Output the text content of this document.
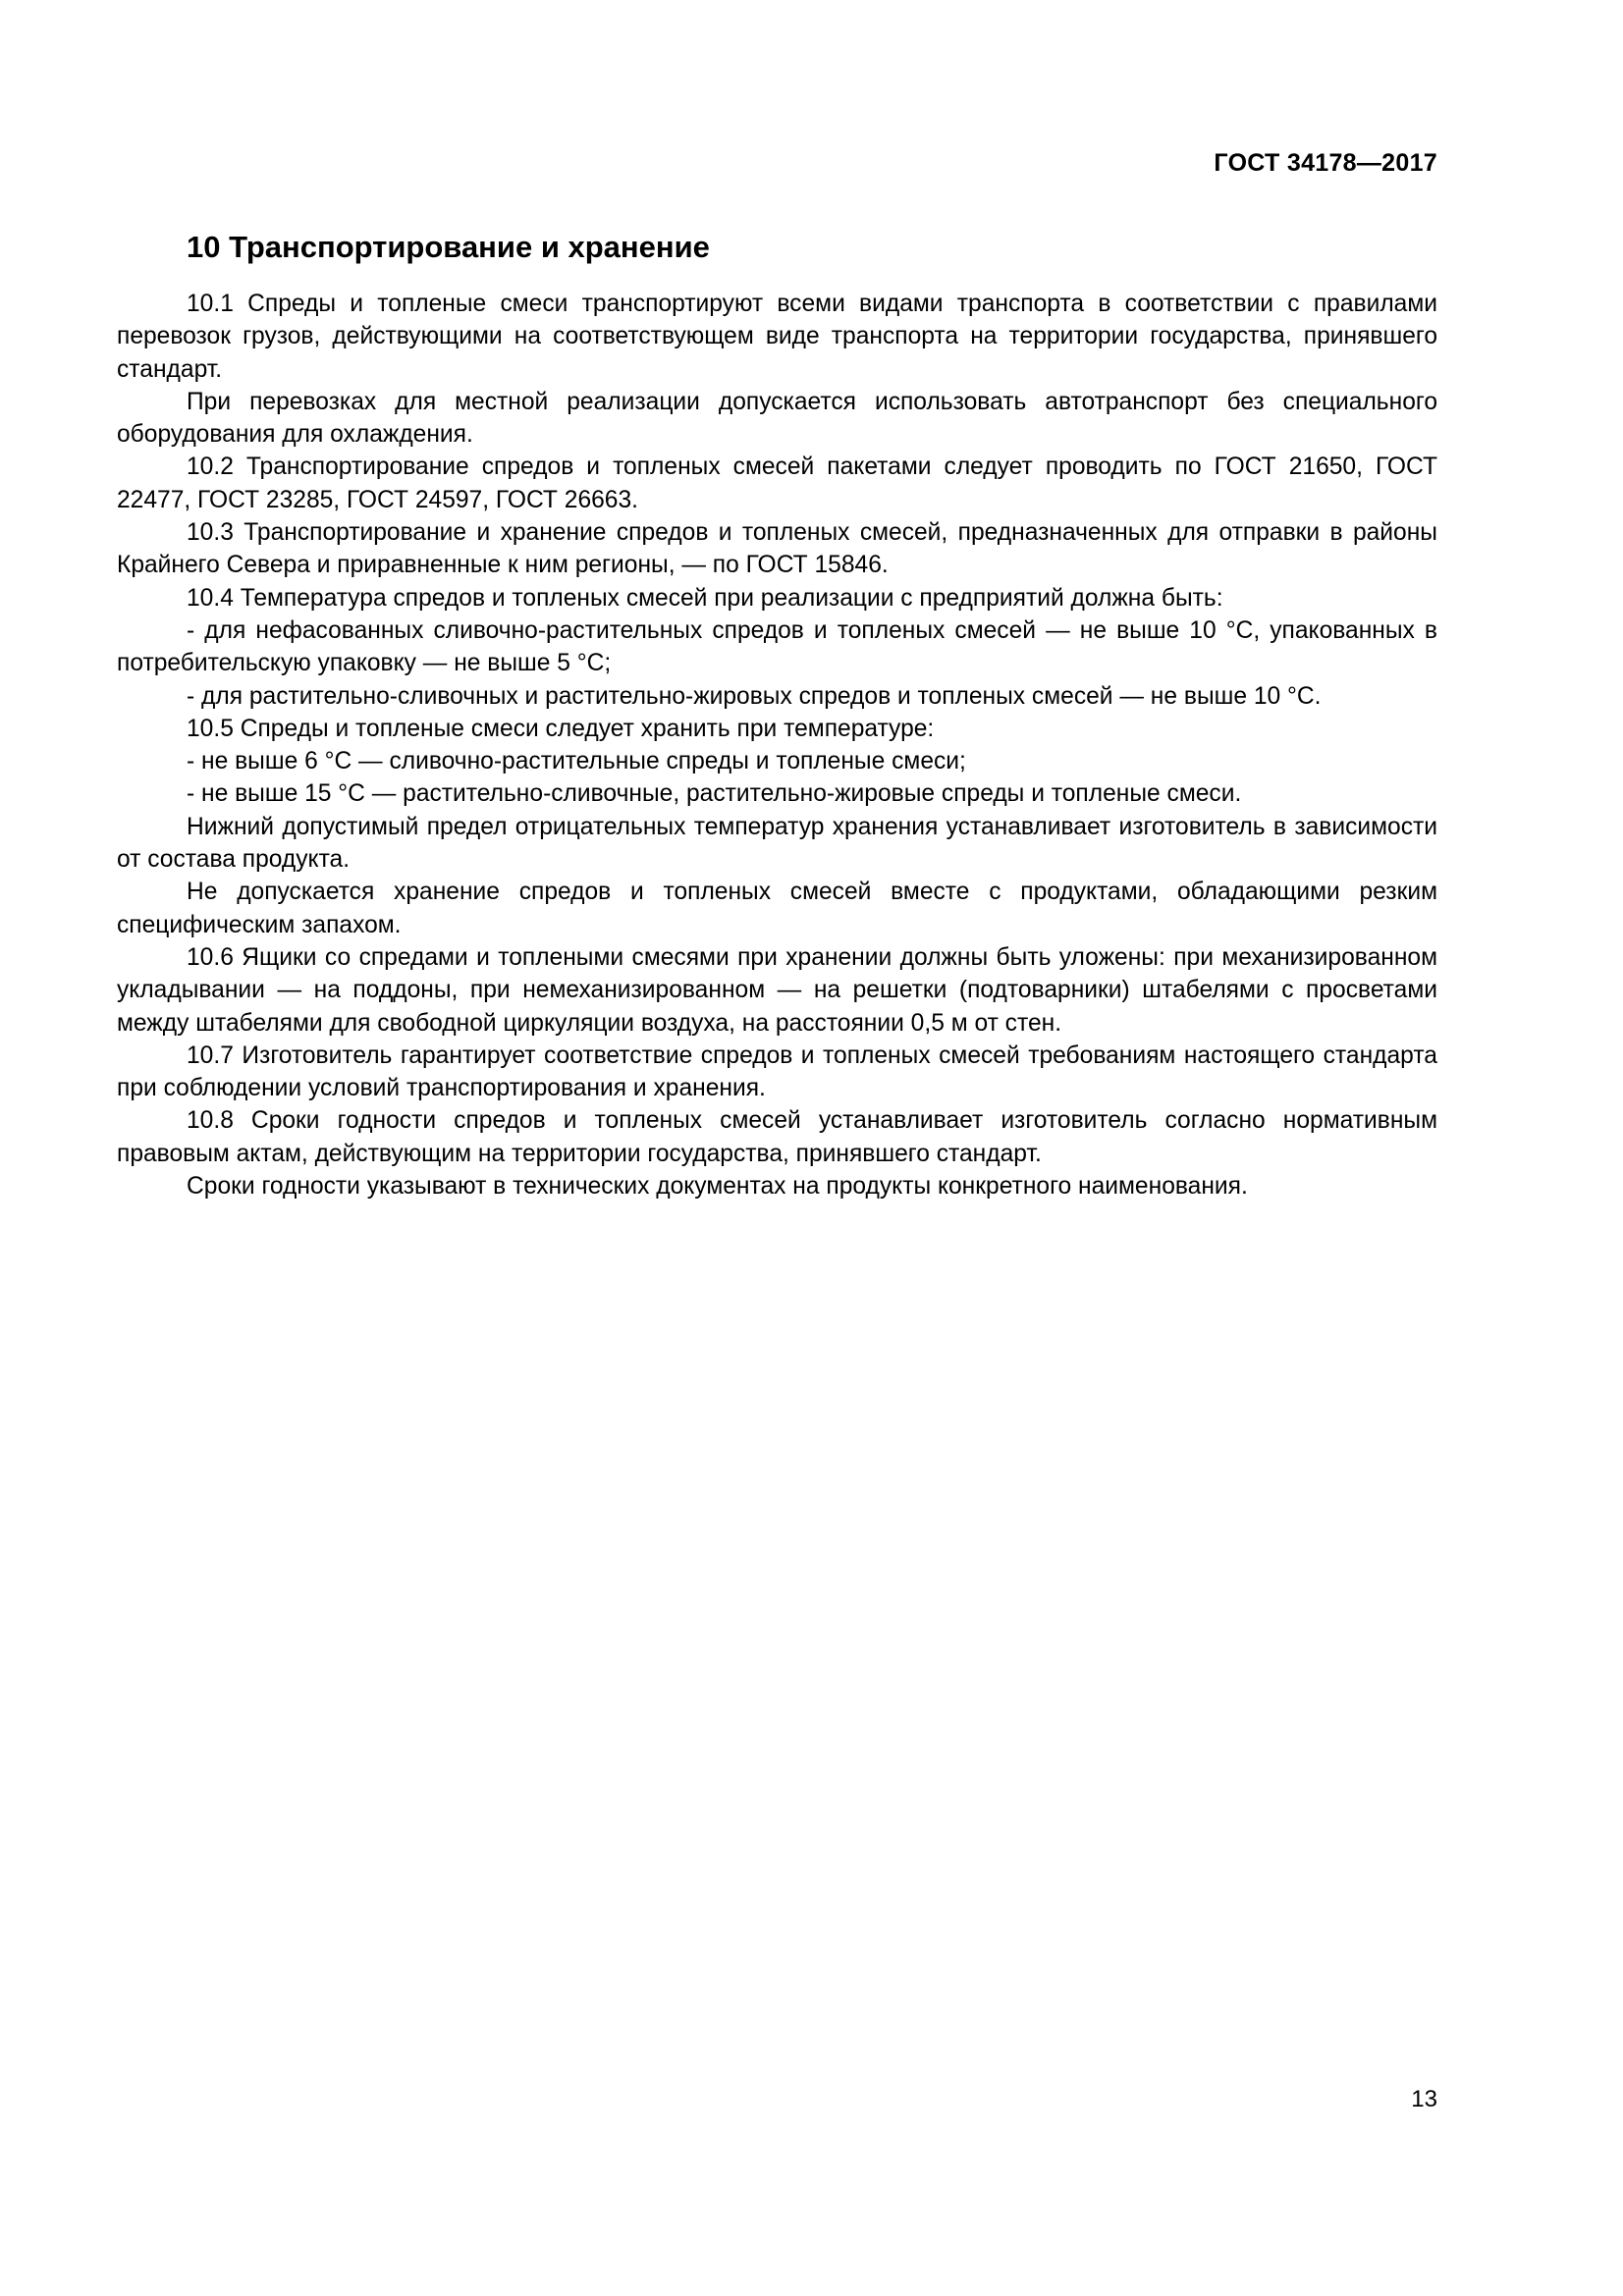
ГОСТ 34178—2017
10 Транспортирование и хранение

10.1 Спреды и топленые смеси транспортируют всеми видами транспорта в соответствии с правилами перевозок грузов, действующими на соответствующем виде транспорта на территории государства, принявшего стандарт.

При перевозках для местной реализации допускается использовать автотранспорт без специального оборудования для охлаждения.

10.2 Транспортирование спредов и топленых смесей пакетами следует проводить по ГОСТ 21650, ГОСТ 22477, ГОСТ 23285, ГОСТ 24597, ГОСТ 26663.

10.3 Транспортирование и хранение спредов и топленых смесей, предназначенных для отправки в районы Крайнего Севера и приравненные к ним регионы, — по ГОСТ 15846.

10.4 Температура спредов и топленых смесей при реализации с предприятий должна быть:

- для нефасованных сливочно-растительных спредов и топленых смесей — не выше 10 °С, упакованных в потребительскую упаковку — не выше 5 °С;

- для растительно-сливочных и растительно-жировых спредов и топленых смесей — не выше 10 °С.

10.5 Спреды и топленые смеси следует хранить при температуре:

- не выше 6 °С — сливочно-растительные спреды и топленые смеси;

- не выше 15 °С — растительно-сливочные, растительно-жировые спреды и топленые смеси.

Нижний допустимый предел отрицательных температур хранения устанавливает изготовитель в зависимости от состава продукта.

Не допускается хранение спредов и топленых смесей вместе с продуктами, обладающими резким специфическим запахом.

10.6 Ящики со спредами и топлеными смесями при хранении должны быть уложены: при механизированном укладывании — на поддоны, при немеханизированном — на решетки (подтоварники) штабелями с просветами между штабелями для свободной циркуляции воздуха, на расстоянии 0,5 м от стен.

10.7 Изготовитель гарантирует соответствие спредов и топленых смесей требованиям настоящего стандарта при соблюдении условий транспортирования и хранения.

10.8 Сроки годности спредов и топленых смесей устанавливает изготовитель согласно нормативным правовым актам, действующим на территории государства, принявшего стандарт.

Сроки годности указывают в технических документах на продукты конкретного наименования.

13
